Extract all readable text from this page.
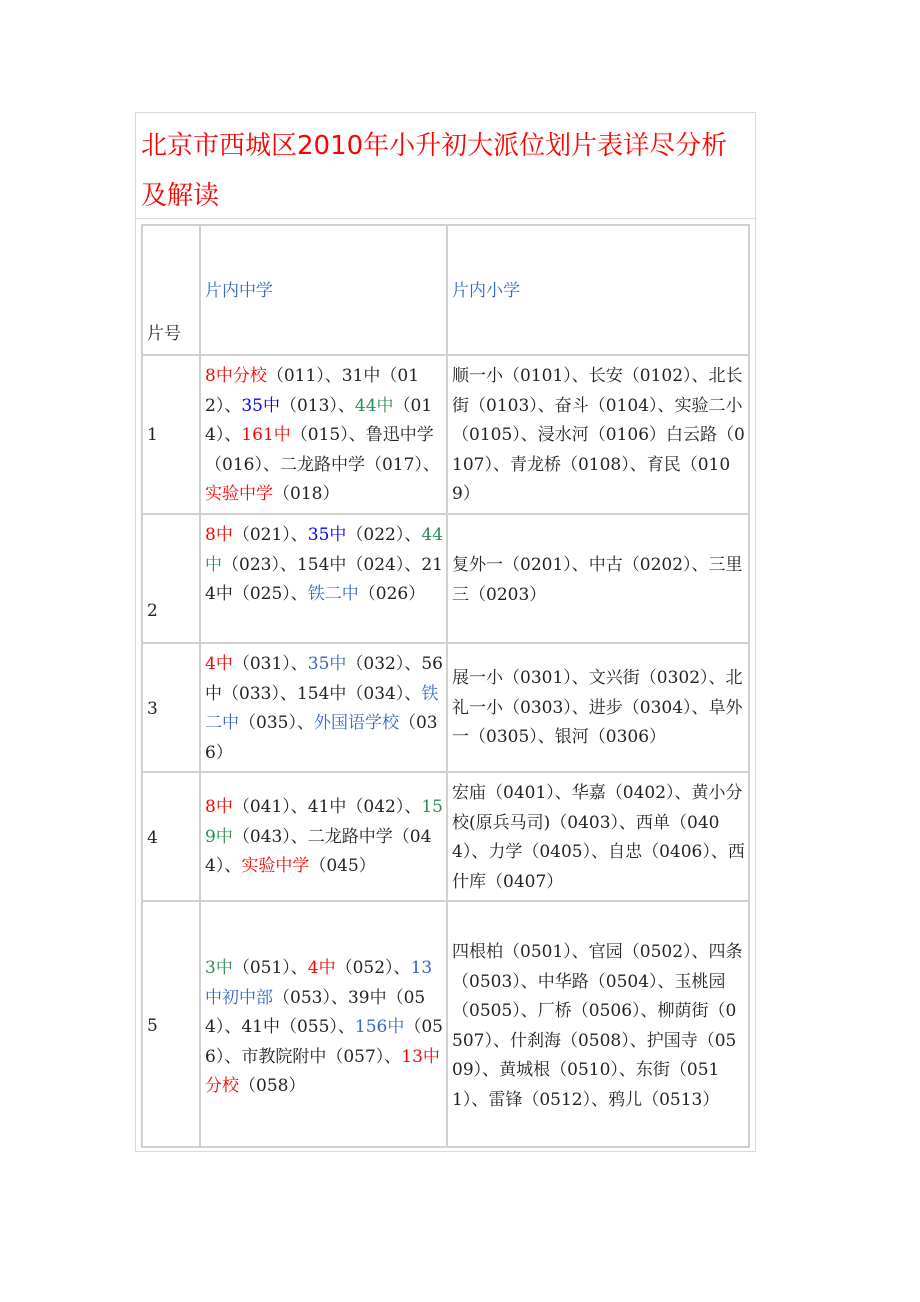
北京市西城区2010年小升初大派位划片表详尽分析及解读
片号
片内中学	片内小学
1
8中分校（011）、31中（012）、35中（013）、44中（014）、161中（015）、鲁迅中学（016）、二龙路中学（017）、实验中学（018）
顺一小（0101）、长安（0102）、北长街（0103）、奋斗（0104）、实验二小（0105）、浸水河（0106）白云路（0107）、青龙桥（0108）、育民（0109）
2
8中（021）、35中（022）、44中（023）、154中（024）、214中（025）、铁二中（026）
复外一（0201）、中古（0202）、三里三（0203）
3
4中（031）、35中（032）、56中（033）、154中（034）、铁二中（035）、外国语学校（036）
展一小（0301）、文兴街（0302）、北礼一小（0303）、进步（0304）、阜外一（0305）、银河（0306）
4
8中（041）、41中（042）、159中（043）、二龙路中学（044）、实验中学（045）
宏庙（0401）、华嘉（0402）、黄小分校(原兵马司)（0403）、西单（0404）、力学（0405）、自忠（0406）、西什库（0407）
5
3中（051）、4中（052）、13中初中部（053）、39中（054）、41中（055）、156中（056）、市教院附中（057）、13中分校（058）
四根柏（0501）、官园（0502）、四条（0503）、中华路（0504）、玉桃园（0505）、厂桥（0506）、柳荫街（0507）、什刹海（0508）、护国寺（0509）、黄城根（0510）、东街（0511）、雷锋（0512）、鸦儿（0513）
